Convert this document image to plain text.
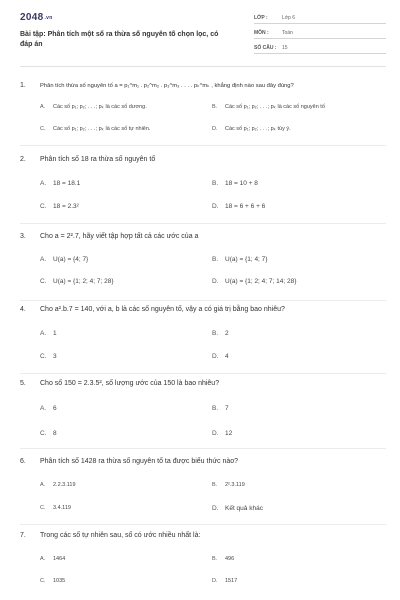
$2048^{.vn}$
Bài tập: Phân tích một số ra thừa số nguyên tố chọn lọc, có đáp án
LỚP :	Lớp 6
MÔN :	Toán
SỐ CÂU :	15
1. Phân tích thừa số nguyên tố a = p₁^m₁ . p₂^m₂ . p₃^m₃ . . . . pₖ^mₖ , khẳng định nào sau đây đúng?
A. Các số p₁; p₂; . . .; pₖ là các số dương.	B. Các số p₁; p₂; . . .; pₖ là các số nguyên tố
C. Các số p₁; p₂; . . .; pₖ là các số tự nhiên.	D. Các số p₁; p₂; . . .; pₖ tùy ý.
2. Phân tích số 18 ra thừa số nguyên tố
A. 18 = 18.1	B. 18 = 10 + 8
C. 18 = 2.3²	D. 18 = 6 + 6 + 6
3. Cho a = 2².7, hãy viết tập hợp tất cả các ước của a
A. U(a) = {4; 7}	B. U(a) = {1; 4; 7}
C. U(a) = {1; 2; 4; 7; 28}	D. U(a) = {1; 2; 4; 7; 14; 28}
4. Cho a².b.7 = 140, với a, b là các số nguyên tố, vậy a có giá trị bằng bao nhiêu?
A. 1	B. 2
C. 3	D. 4
5. Cho số 150 = 2.3.5², số lượng ước của 150 là bao nhiêu?
A. 6	B. 7
C. 8	D. 12
6. Phân tích số 1428 ra thừa số nguyên tố ta được biểu thức nào?
A. 2.2.3.119	B. 2².3.119
C. 3.4.119	D. Kết quả khác
7. Trong các số tự nhiên sau, số có ước nhiều nhất là:
A. 1464	B. 496
C. 1035	D. 1517
